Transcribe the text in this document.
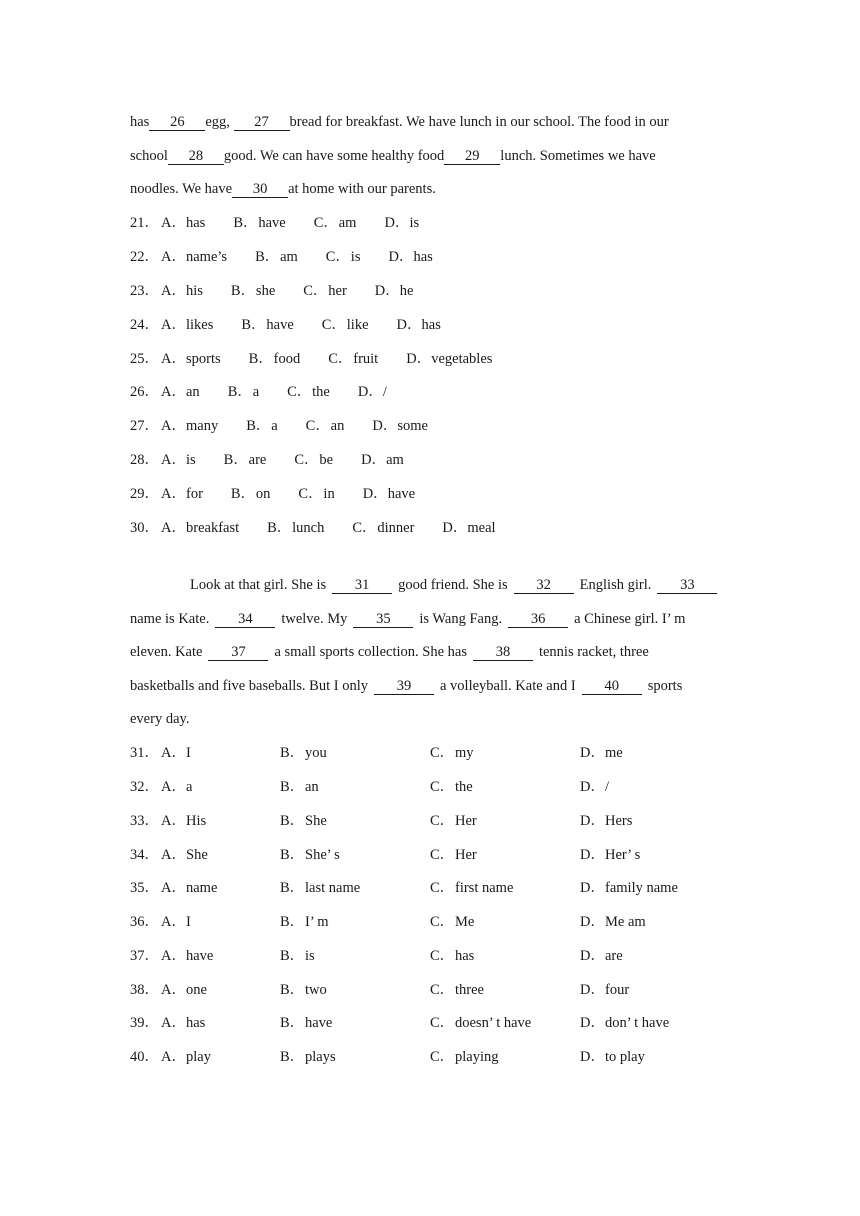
has 26 egg, 27 bread for breakfast. We have lunch in our school. The food in our
school 28 good. We can have some healthy food 29 lunch. Sometimes we have
noodles. We have 30 at home with our parents.
21． A．has B．have C．am D．is
22． A．name’s B．am C．is D．has
23． A．his B．she C．her D．he
24． A．likes B．have C．like D．has
25． A．sports B．food C．fruit D．vegetables
26． A．an B．a C．the D．/
27． A．many B．a C．an D．some
28． A．is B．are C．be D．am
29． A．for B．on C．in D．have
30． A．breakfast B．lunch C．dinner D．meal
Look at that girl. She is 31 good friend. She is 32 English girl. 33
name is Kate. 34 twelve. My 35 is Wang Fang. 36 a Chinese girl. I’ m
eleven. Kate 37 a small sports collection. She has 38 tennis racket, three
basketballs and five baseballs. But I only 39 a volleyball. Kate and I 40 sports
every day.
31． A．I	B．you	C．my	D．me
32． A．a	B．an	C．the	D．/
33． A．His	B．She	C．Her	D．Hers
34． A．She	B．She’ s	C．Her	D．Her’ s
35． A．name	B．last name	C．first name	D．family name
36． A．I	B．I’ m	C．Me	D．Me am
37． A．have	B．is	C．has	D．are
38． A．one	B．two	C．three	D．four
39． A．has	B．have	C．doesn’ t have	D．don’ t have
40． A．play	B．plays	C．playing	D．to play
